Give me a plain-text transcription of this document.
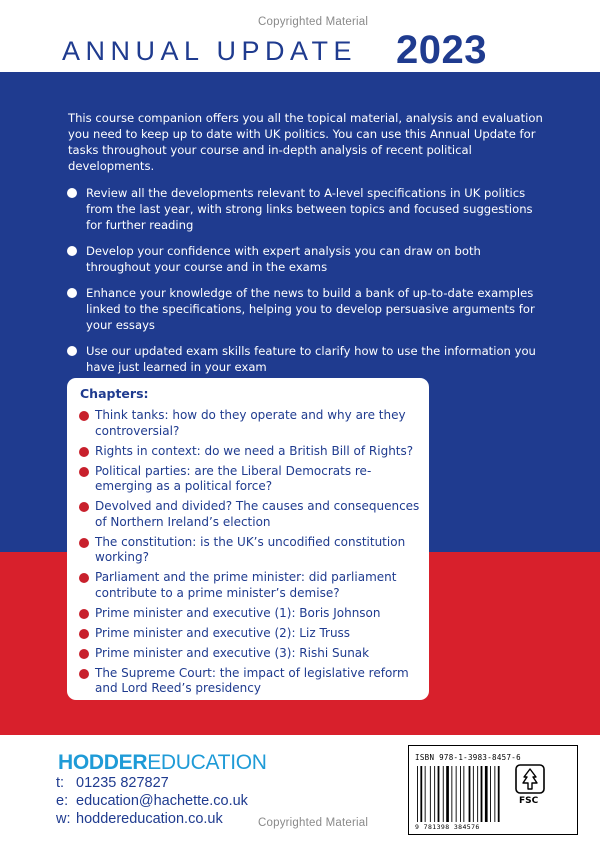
Copyrighted Material
ANNUAL UPDATE 2023

This course companion offers you all the topical material, analysis and evaluation you need to keep up to date with UK politics. You can use this Annual Update for tasks throughout your course and in-depth analysis of recent political developments.

Review all the developments relevant to A-level specifications in UK politics from the last year, with strong links between topics and focused suggestions for further reading
Develop your confidence with expert analysis you can draw on both throughout your course and in the exams
Enhance your knowledge of the news to build a bank of up-to-date examples linked to the specifications, helping you to develop persuasive arguments for your essays
Use our updated exam skills feature to clarify how to use the information you have just learned in your exam
Chapters:
Think tanks: how do they operate and why are they controversial?
Rights in context: do we need a British Bill of Rights?
Political parties: are the Liberal Democrats re-emerging as a political force?
Devolved and divided? The causes and consequences of Northern Ireland’s election
The constitution: is the UK’s uncodified constitution working?
Parliament and the prime minister: did parliament contribute to a prime minister’s demise?
Prime minister and executive (1): Boris Johnson
Prime minister and executive (2): Liz Truss
Prime minister and executive (3): Rishi Sunak
The Supreme Court: the impact of legislative reform and Lord Reed’s presidency
HODDEREDUCATION
t: 01235 827827
e: education@hachette.co.uk
w: hoddereducation.co.uk
ISBN 978-1-3983-8457-6
9 781398 384576
FSC
Copyrighted Material
